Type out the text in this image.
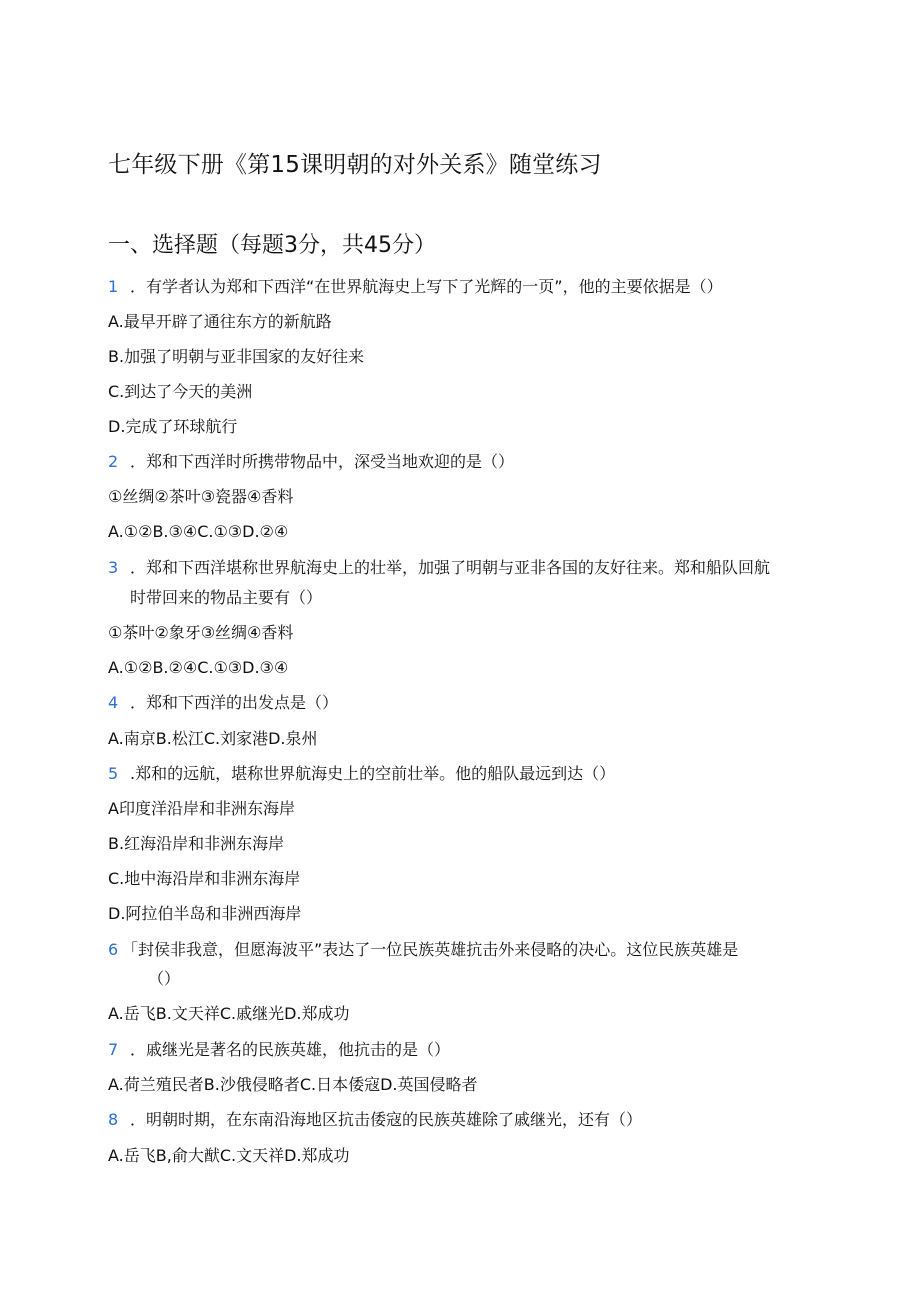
七年级下册《第15课明朝的对外关系》随堂练习
一、选择题（每题3分，共45分）
1 ．有学者认为郑和下西洋“在世界航海史上写下了光辉的一页”，他的主要依据是（）
A.最早开辟了通往东方的新航路
B.加强了明朝与亚非国家的友好往来
C.到达了今天的美洲
D.完成了环球航行
2 ．郑和下西洋时所携带物品中，深受当地欢迎的是（）
①丝绸②茶叶③瓷器④香料
A.①②B.③④C.①③D.②④
3 ．郑和下西洋堪称世界航海史上的壮举，加强了明朝与亚非各国的友好往来。郑和船队回航
时带回来的物品主要有（）
①茶叶②象牙③丝绸④香料
A.①②B.②④C.①③D.③④
4 ．郑和下西洋的出发点是（）
A.南京B.松江C.刘家港D.泉州
5 .郑和的远航，堪称世界航海史上的空前壮举。他的船队最远到达（）
A印度洋沿岸和非洲东海岸
B.红海沿岸和非洲东海岸
C.地中海沿岸和非洲东海岸
D.阿拉伯半岛和非洲西海岸
6 「封侯非我意，但愿海波平”表达了一位民族英雄抗击外来侵略的决心。这位民族英雄是
（）
A.岳飞B.文天祥C.戚继光D.郑成功
7 ．戚继光是著名的民族英雄，他抗击的是（）
A.荷兰殖民者B.沙俄侵略者C.日本倭寇D.英国侵略者
8 ．明朝时期，在东南沿海地区抗击倭寇的民族英雄除了戚继光，还有（）
A.岳飞B,俞大猷C.文天祥D.郑成功
